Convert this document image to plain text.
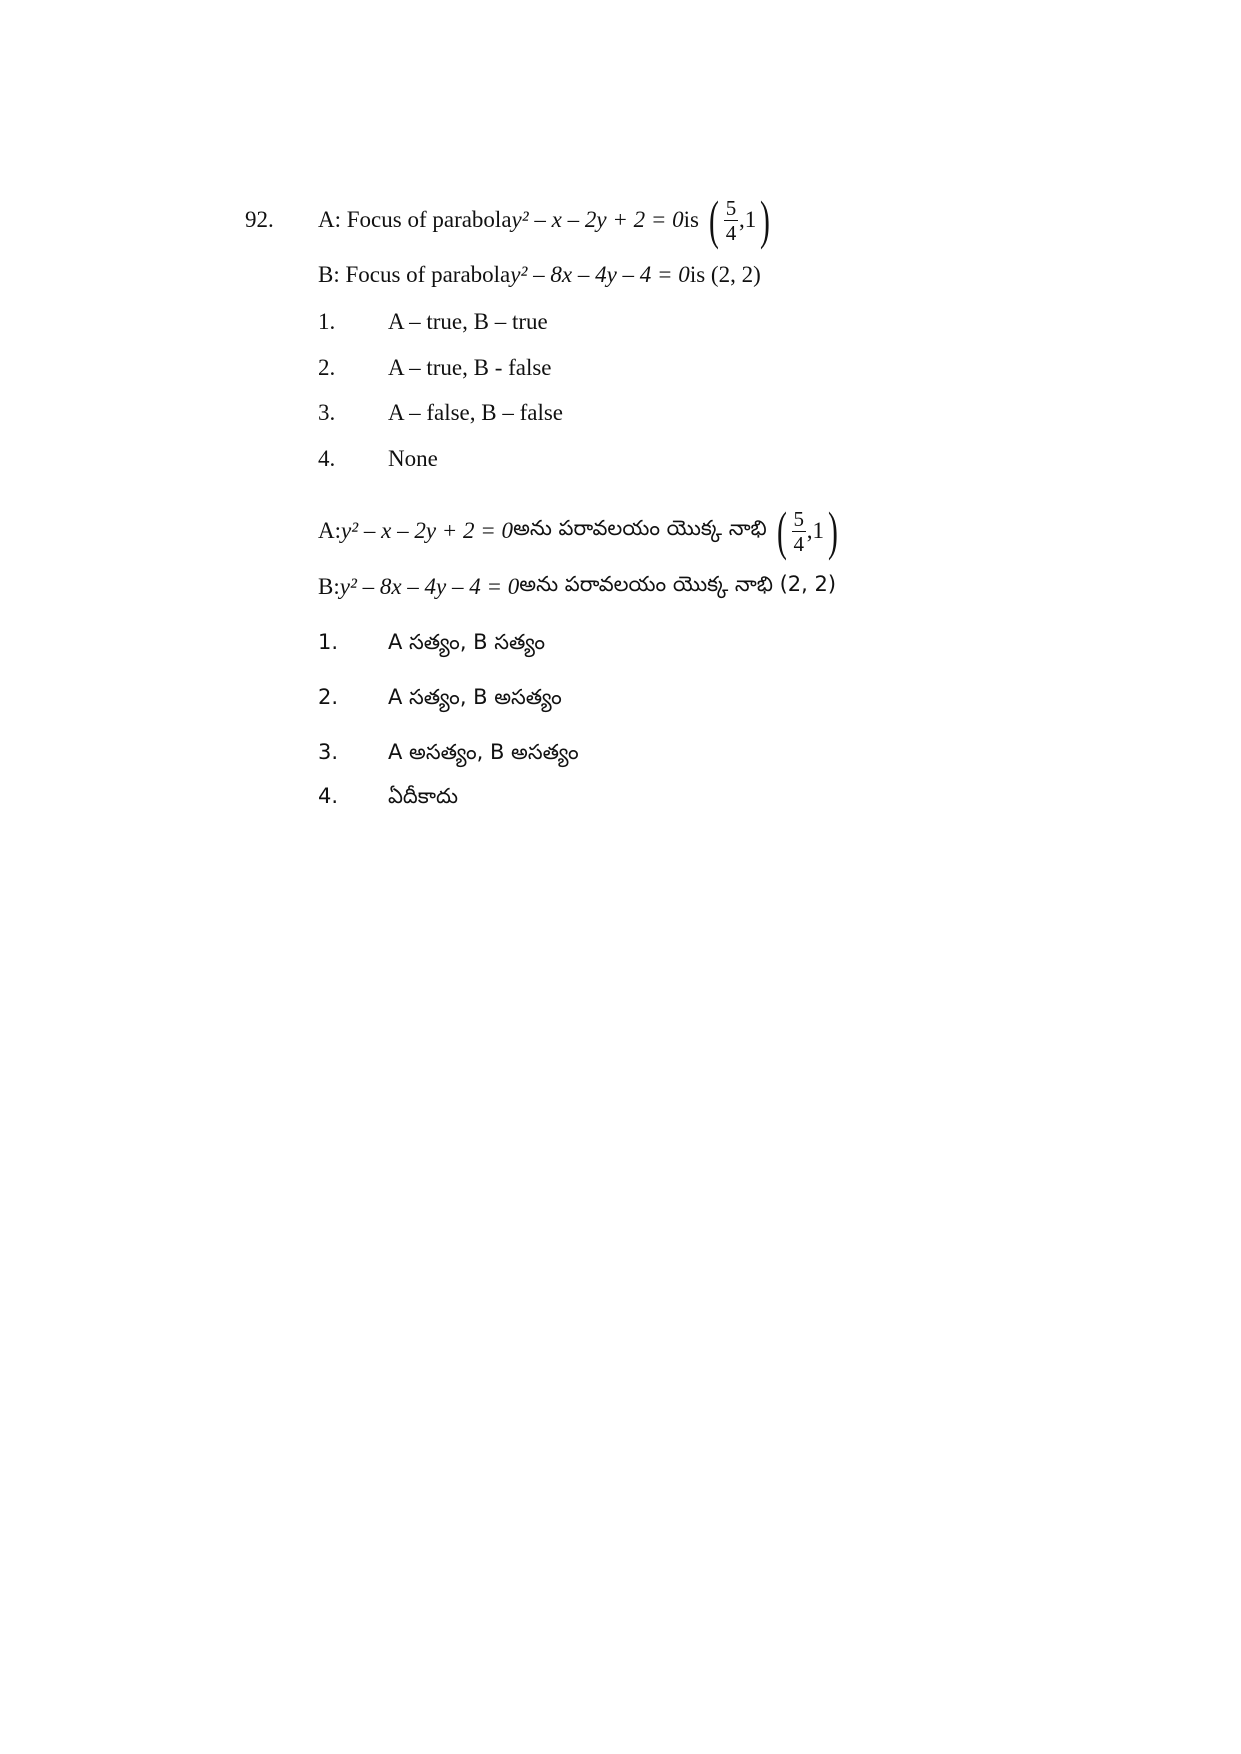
92. A: Focus of parabola y² – x – 2y + 2 = 0 is ( $\frac{5}{4} ,1$ )
B: Focus of parabola y² – 8x – 4y – 4 = 0 is (2, 2)
1. A – true, B – true
2. A – true, B - false
3. A – false, B – false
4. None
A: y² – x – 2y + 2 = 0 అను పరావలయం యొక్క నాభి ( $\frac{5}{4} ,1$ )
B: y² – 8x – 4y – 4 = 0 అను పరావలయం యొక్క నాభి (2, 2)
1. A సత్యం, B సత్యం
2. A సత్యం, B అసత్యం
3. A అసత్యం, B అసత్యం
4. ఏదీకాదు
